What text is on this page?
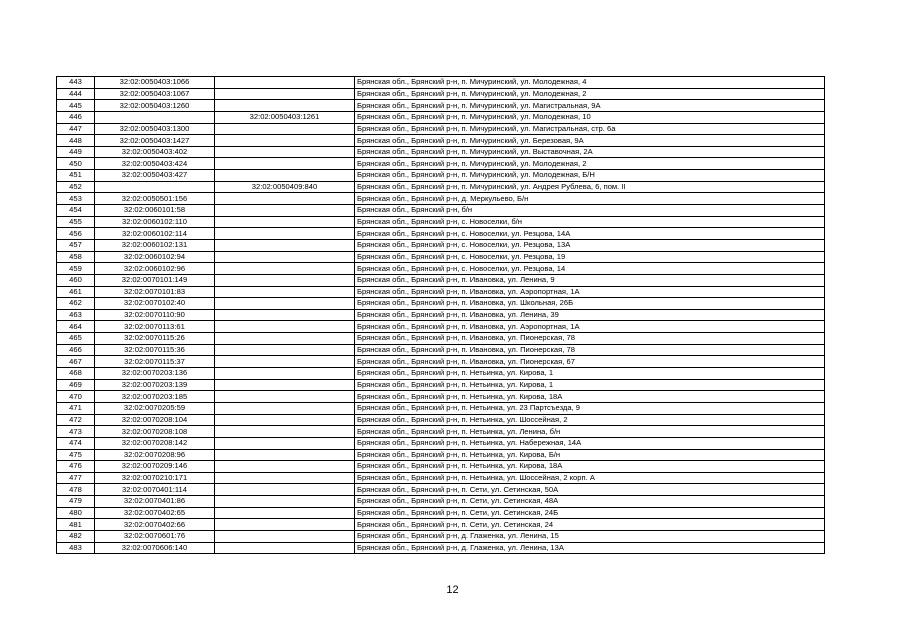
443	32:02:0050403:1066		Брянская обл., Брянский р-н, п. Мичуринский, ул. Молодежная, 4
444	32:02:0050403:1067		Брянская обл., Брянский р-н, п. Мичуринский, ул. Молодежная, 2
445	32:02:0050403:1260		Брянская обл., Брянский р-н, п. Мичуринский, ул. Магистральная, 9А
446		32:02:0050403:1261	Брянская обл., Брянский р-н, п. Мичуринский, ул. Молодежная, 10
447	32:02:0050403:1300		Брянская обл., Брянский р-н, п. Мичуринский, ул. Магистральная, стр. 6а
448	32:02:0050403:1427		Брянская обл., Брянский р-н, п. Мичуринский, ул. Березовая, 9А
449	32:02:0050403:402		Брянская обл., Брянский р-н, п. Мичуринский, ул. Выставочная, 2А
450	32:02:0050403:424		Брянская обл., Брянский р-н, п. Мичуринский, ул. Молодежная, 2
451	32:02:0050403:427		Брянская обл., Брянский р-н, п. Мичуринский, ул. Молодежная, Б/Н
452		32:02:0050409:840	Брянская обл., Брянский р-н, п. Мичуринский, ул. Андрея Рублева, 6, пом. II
453	32:02:0050501:156		Брянская обл., Брянский р-н, д. Меркульево, Б/н
454	32:02:0060101:58		Брянская обл., Брянский р-н, б/н
455	32:02:0060102:110		Брянская обл., Брянский р-н, с. Новоселки, б/н
456	32:02:0060102:114		Брянская обл., Брянский р-н, с. Новоселки, ул. Резцова, 14А
457	32:02:0060102:131		Брянская обл., Брянский р-н, с. Новоселки, ул. Резцова, 13А
458	32:02:0060102:94		Брянская обл., Брянский р-н, с. Новоселки, ул. Резцова, 19
459	32:02:0060102:96		Брянская обл., Брянский р-н, с. Новоселки, ул. Резцова, 14
460	32:02:0070101:149		Брянская обл., Брянский р-н, п. Ивановка, ул. Ленина, 9
461	32:02:0070101:83		Брянская обл., Брянский р-н, п. Ивановка, ул. Аэропортная, 1А
462	32:02:0070102:40		Брянская обл., Брянский р-н, п. Ивановка, ул. Школьная, 26Б
463	32:02:0070110:90		Брянская обл., Брянский р-н, п. Ивановка, ул. Ленина, 39
464	32:02:0070113:61		Брянская обл., Брянский р-н, п. Ивановка, ул. Аэропортная, 1А
465	32:02:0070115:26		Брянская обл., Брянский р-н, п. Ивановка, ул. Пионерская, 78
466	32:02:0070115:36		Брянская обл., Брянский р-н, п. Ивановка, ул. Пионерская, 78
467	32:02:0070115:37		Брянская обл., Брянский р-н, п. Ивановка, ул. Пионерская, 67
468	32:02:0070203:136		Брянская обл., Брянский р-н, п. Нетьинка, ул. Кирова, 1
469	32:02:0070203:139		Брянская обл., Брянский р-н, п. Нетьинка, ул. Кирова, 1
470	32:02:0070203:185		Брянская обл., Брянский р-н, п. Нетьинка, ул. Кирова, 18А
471	32:02:0070205:59		Брянская обл., Брянский р-н, п. Нетьинка, ул. 23 Партсъезда, 9
472	32:02:0070208:104		Брянская обл., Брянский р-н, п. Нетьинка, ул. Шоссейная, 2
473	32:02:0070208:108		Брянская обл., Брянский р-н, п. Нетьинка, ул. Ленина, б/н
474	32:02:0070208:142		Брянская обл., Брянский р-н, п. Нетьинка, ул. Набережная, 14А
475	32:02:0070208:96		Брянская обл., Брянский р-н, п. Нетьинка, ул. Кирова, Б/н
476	32:02:0070209:146		Брянская обл., Брянский р-н, п. Нетьинка, ул. Кирова, 18А
477	32:02:0070210:171		Брянская обл., Брянский р-н, п. Нетьинка, ул. Шоссейная, 2 корп. А
478	32:02:0070401:114		Брянская обл., Брянский р-н, п. Сети, ул. Сетинская, 50А
479	32:02:0070401:86		Брянская обл., Брянский р-н, п. Сети, ул. Сетинская, 48А
480	32:02:0070402:65		Брянская обл., Брянский р-н, п. Сети, ул. Сетинская, 24Б
481	32:02:0070402:66		Брянская обл., Брянский р-н, п. Сети, ул. Сетинская, 24
482	32:02:0070601:76		Брянская обл., Брянский р-н, д. Глаженка, ул. Ленина, 15
483	32:02:0070606:140		Брянская обл., Брянский р-н, д. Глаженка, ул. Ленина, 13А
12
